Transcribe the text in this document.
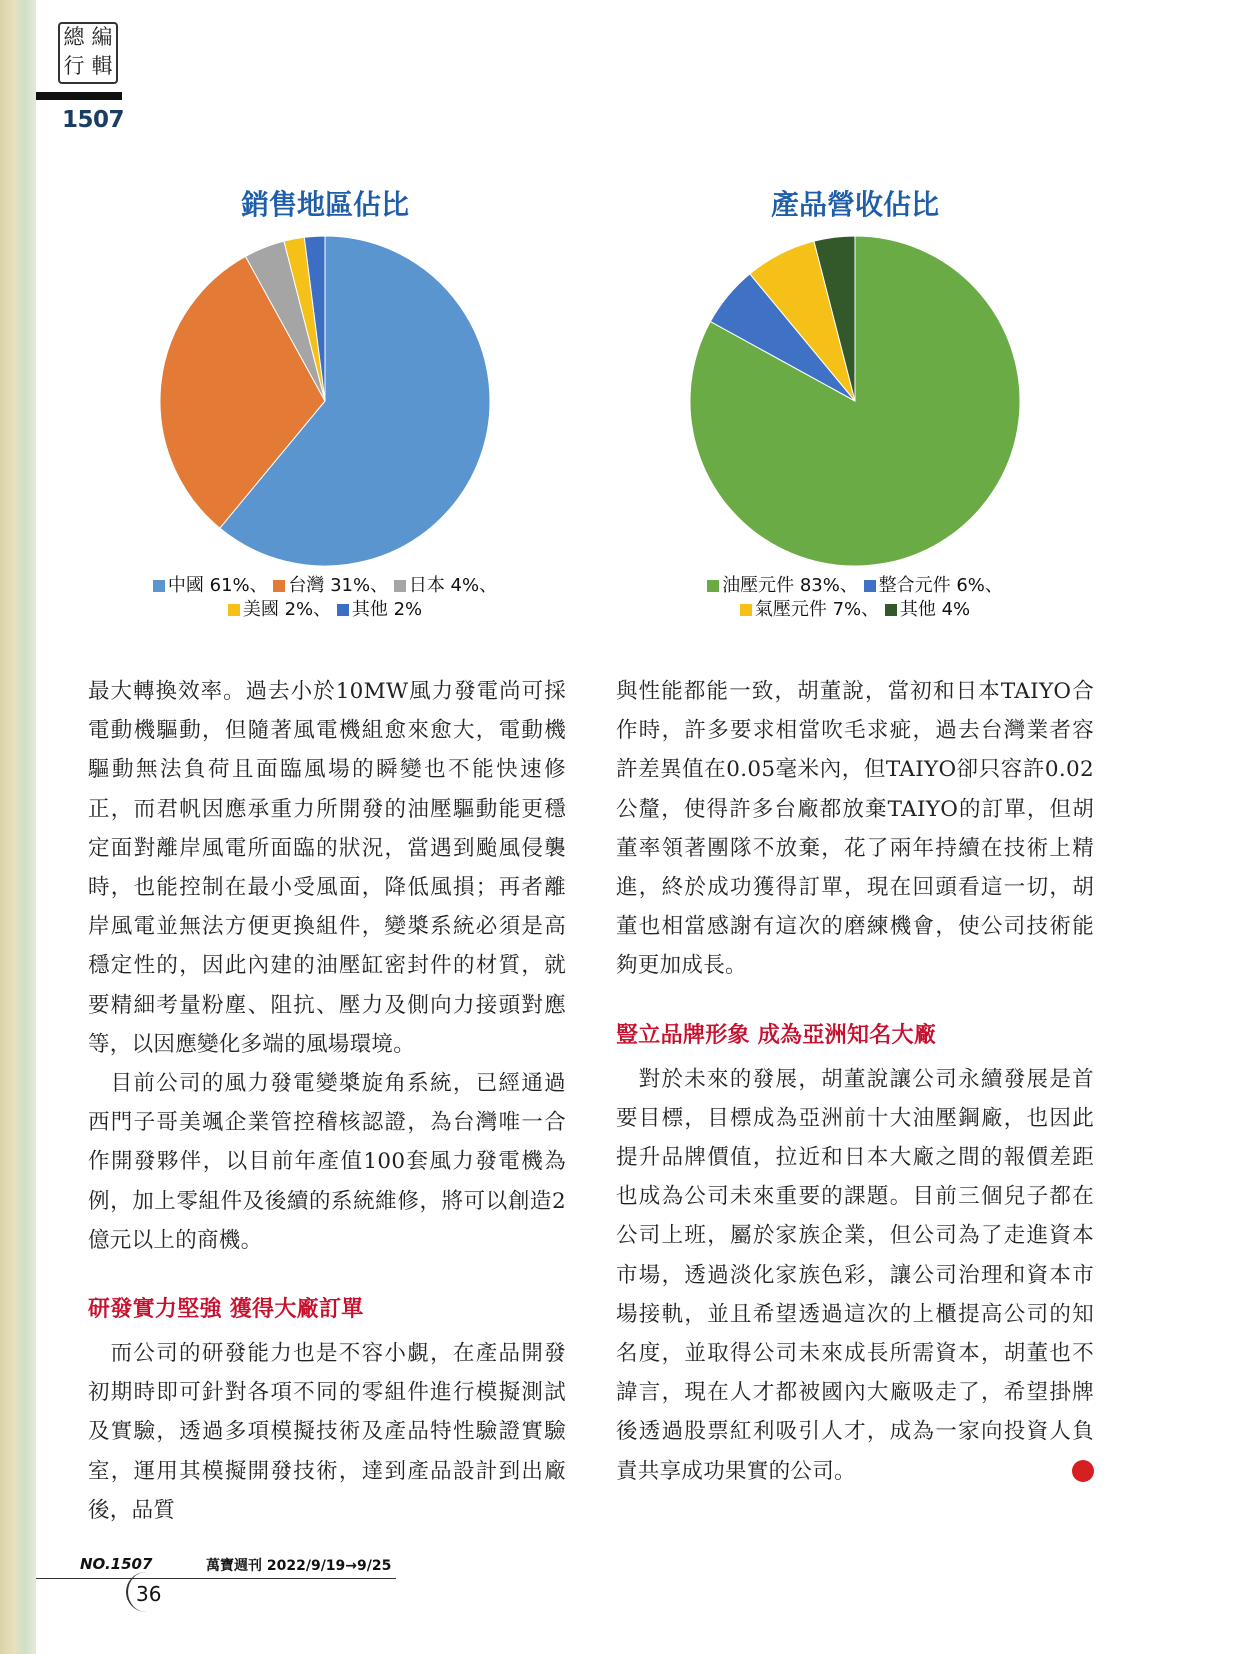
總 編
行 輯
1507
銷售地區佔比
中國 61%、 台灣 31%、 日本 4%、
美國 2%、 其他 2%
產品營收佔比
油壓元件 83%、 整合元件 6%、
氣壓元件 7%、 其他 4%

最大轉換效率。過去小於10MW風力發電尚可採電動機驅動，但隨著風電機組愈來愈大，電動機驅動無法負荷且面臨風場的瞬變也不能快速修正，而君帆因應承重力所開發的油壓驅動能更穩定面對離岸風電所面臨的狀況，當遇到颱風侵襲時，也能控制在最小受風面，降低風損；再者離岸風電並無法方便更換組件，變槳系統必須是高穩定性的，因此內建的油壓缸密封件的材質，就要精細考量粉塵、阻抗、壓力及側向力接頭對應等，以因應變化多端的風場環境。

目前公司的風力發電變槳旋角系統，已經通過西門子哥美颯企業管控稽核認證，為台灣唯一合作開發夥伴，以目前年產值100套風力發電機為例，加上零組件及後續的系統維修，將可以創造2億元以上的商機。

研發實力堅強 獲得大廠訂單

而公司的研發能力也是不容小覷，在產品開發初期時即可針對各項不同的零組件進行模擬測試及實驗，透過多項模擬技術及產品特性驗證實驗室，運用其模擬開發技術，達到產品設計到出廠後，品質

與性能都能一致，胡董說，當初和日本TAIYO合作時，許多要求相當吹毛求疵，過去台灣業者容許差異值在0.05毫米內，但TAIYO卻只容許0.02公釐，使得許多台廠都放棄TAIYO的訂單，但胡董率領著團隊不放棄，花了兩年持續在技術上精進，終於成功獲得訂單，現在回頭看這一切，胡董也相當感謝有這次的磨練機會，使公司技術能夠更加成長。

豎立品牌形象 成為亞洲知名大廠

對於未來的發展，胡董說讓公司永續發展是首要目標，目標成為亞洲前十大油壓鋼廠，也因此提升品牌價值，拉近和日本大廠之間的報價差距也成為公司未來重要的課題。目前三個兒子都在公司上班，屬於家族企業，但公司為了走進資本市場，透過淡化家族色彩，讓公司治理和資本市場接軌，並且希望透過這次的上櫃提高公司的知名度，並取得公司未來成長所需資本，胡董也不諱言，現在人才都被國內大廠吸走了，希望掛牌後透過股票紅利吸引人才，成為一家向投資人負責共享成功果實的公司。

NO.1507	萬寶週刊 2022/9/19→9/25
36
